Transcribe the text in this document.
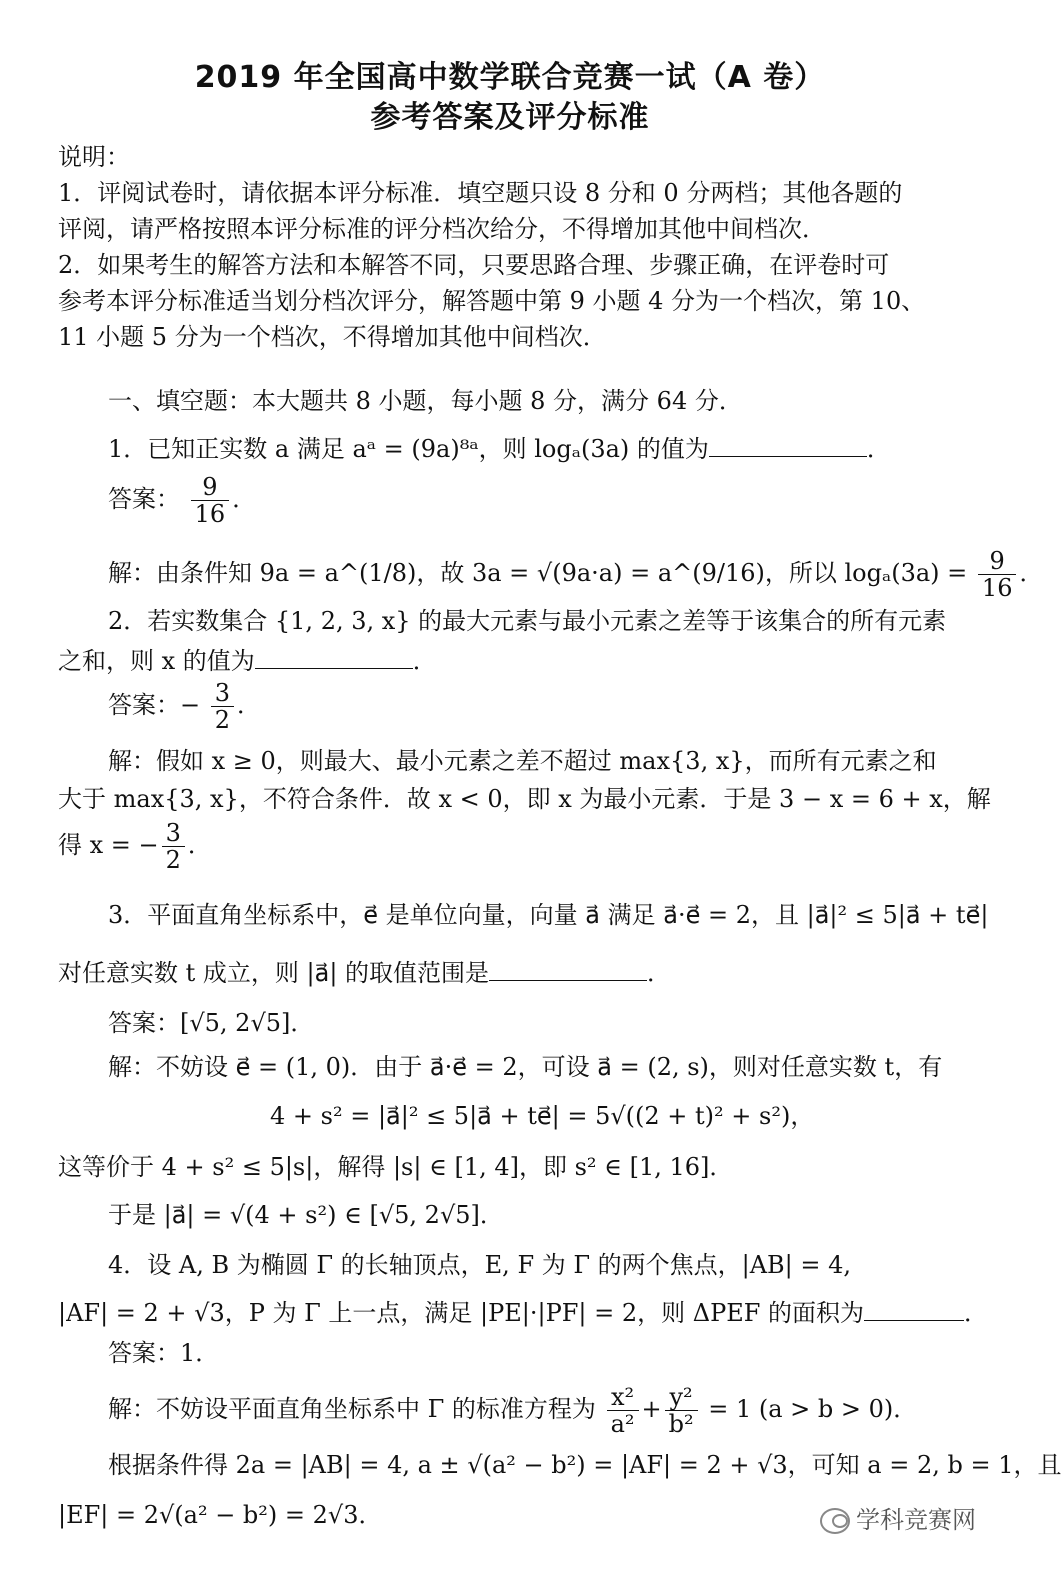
2019 年全国高中数学联合竞赛一试（A 卷）
参考答案及评分标准
说明：
1．评阅试卷时，请依据本评分标准．填空题只设 8 分和 0 分两档；其他各题的
评阅，请严格按照本评分标准的评分档次给分，不得增加其他中间档次．
2．如果考生的解答方法和本解答不同，只要思路合理、步骤正确，在评卷时可
参考本评分标准适当划分档次评分，解答题中第 9 小题 4 分为一个档次，第 10、
11 小题 5 分为一个档次，不得增加其他中间档次．
一、填空题：本大题共 8 小题，每小题 8 分，满分 64 分．
1．已知正实数 a 满足 aᵃ = (9a)⁸ᵃ，则 logₐ(3a) 的值为	．
答案： $\frac{9}{16}$ ．
解：由条件知 9a = a^(1/8)，故 3a = √(9a·a) = a^(9/16)，所以 $\log_a(3a) = \frac{9}{16}$ ．
2．若实数集合 {1, 2, 3, x} 的最大元素与最小元素之差等于该集合的所有元素
之和，则 x 的值为	．
答案：− $\frac{3}{2}$ ．
解：假如 x ≥ 0，则最大、最小元素之差不超过 max{3, x}，而所有元素之和
大于 max{3, x}，不符合条件．故 x < 0，即 x 为最小元素．于是 3 − x = 6 + x，解
得 x = − $\frac{3}{2}$ ．
3．平面直角坐标系中，e⃗ 是单位向量，向量 a⃗ 满足 a⃗·e⃗ = 2，且 |a⃗|² ≤ 5|a⃗ + te⃗|
对任意实数 t 成立，则 |a⃗| 的取值范围是	．
答案：[√5, 2√5]．
解：不妨设 e⃗ = (1, 0)．由于 a⃗·e⃗ = 2，可设 a⃗ = (2, s)，则对任意实数 t，有
4 + s² = |a⃗|² ≤ 5|a⃗ + te⃗| = 5√((2 + t)² + s²)，
这等价于 4 + s² ≤ 5|s|，解得 |s| ∈ [1, 4]，即 s² ∈ [1, 16]．
于是 |a⃗| = √(4 + s²) ∈ [√5, 2√5]．
4．设 A, B 为椭圆 Γ 的长轴顶点，E, F 为 Γ 的两个焦点，|AB| = 4,
|AF| = 2 + √3，P 为 Γ 上一点，满足 |PE|·|PF| = 2，则 ΔPEF 的面积为	．
答案：1．
解：不妨设平面直角坐标系中 Γ 的标准方程为 $\frac{\text{x²}}{\text{a²}} + \frac{\text{y²}}{\text{b²}} = 1$ (a > b > 0)．
根据条件得 2a = |AB| = 4, a ± √(a² − b²) = |AF| = 2 + √3，可知 a = 2, b = 1，且
|EF| = 2√(a² − b²) = 2√3．	学科竞赛网
